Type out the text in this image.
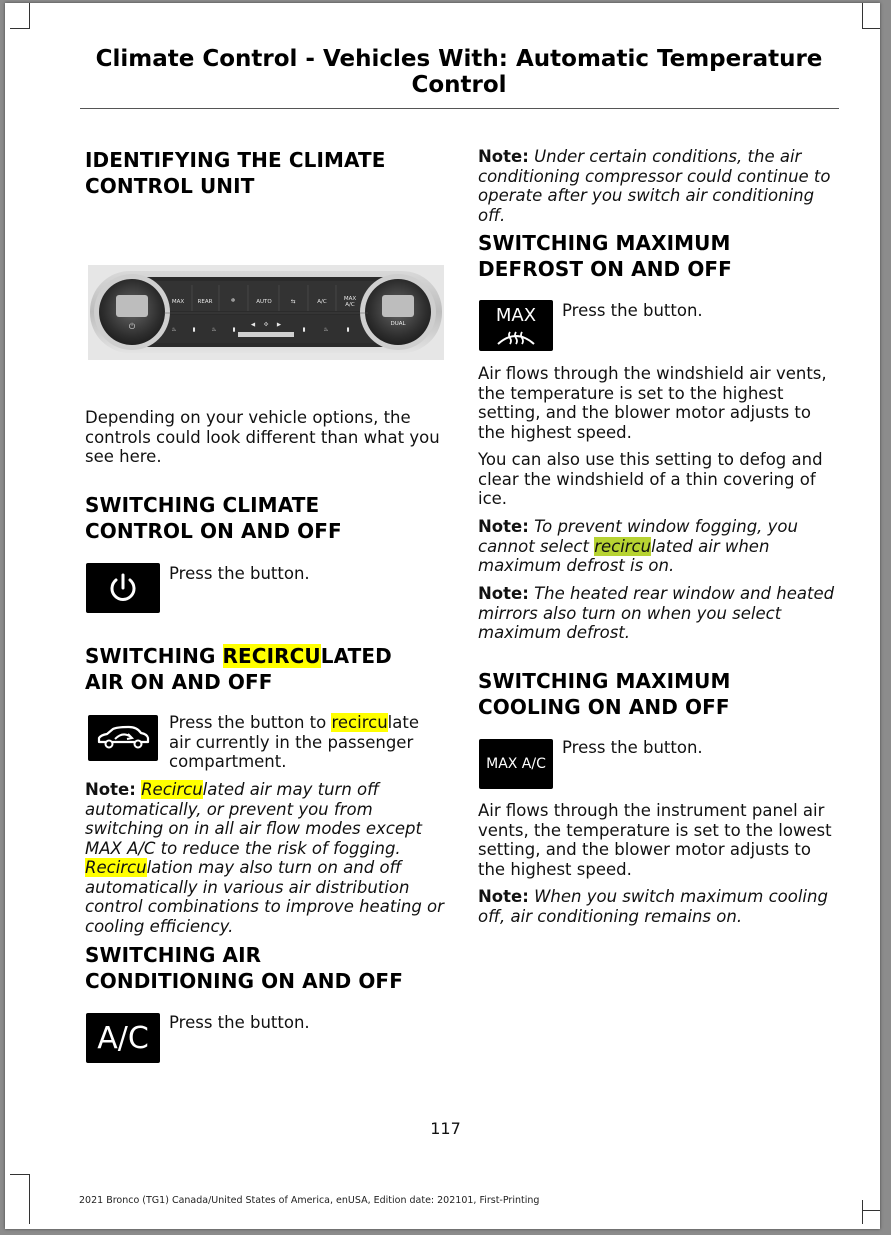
Climate Control - Vehicles With: Automatic Temperature Control
IDENTIFYING THE CLIMATE
CONTROL UNIT
⏻	DUAL
MAX REAR	❄	AUTO	⇆	A/C	MAX
A/C
♨	▮	♨	▮
◀ ✣ ▶
▮	♨	▮

Depending on your vehicle options, the controls could look different than what you see here.

SWITCHING CLIMATE
CONTROL ON AND OFF

Press the button.

SWITCHING RECIRCULATED
AIR ON AND OFF

Press the button to recirculate air currently in the passenger compartment.

Note: Recirculated air may turn off automatically, or prevent you from switching on in all air flow modes except MAX A/C to reduce the risk of fogging. Recirculation may also turn on and off automatically in various air distribution control combinations to improve heating or cooling efficiency.

SWITCHING AIR
CONDITIONING ON AND OFF
A/C	Press the button.

Note: Under certain conditions, the air conditioning compressor could continue to operate after you switch air conditioning off.

SWITCHING MAXIMUM
DEFROST ON AND OFF
MAX Press the button.

Air flows through the windshield air vents, the temperature is set to the highest setting, and the blower motor adjusts to the highest speed.

You can also use this setting to defog and clear the windshield of a thin covering of ice.

Note: To prevent window fogging, you cannot select recirculated air when maximum defrost is on.

Note: The heated rear window and heated mirrors also turn on when you select maximum defrost.

SWITCHING MAXIMUM
COOLING ON AND OFF
MAX A/C

Press the button.

Air flows through the instrument panel air vents, the temperature is set to the lowest setting, and the blower motor adjusts to the highest speed.

Note: When you switch maximum cooling off, air conditioning remains on.

117
2021 Bronco (TG1) Canada/United States of America, enUSA, Edition date: 202101, First-Printing
